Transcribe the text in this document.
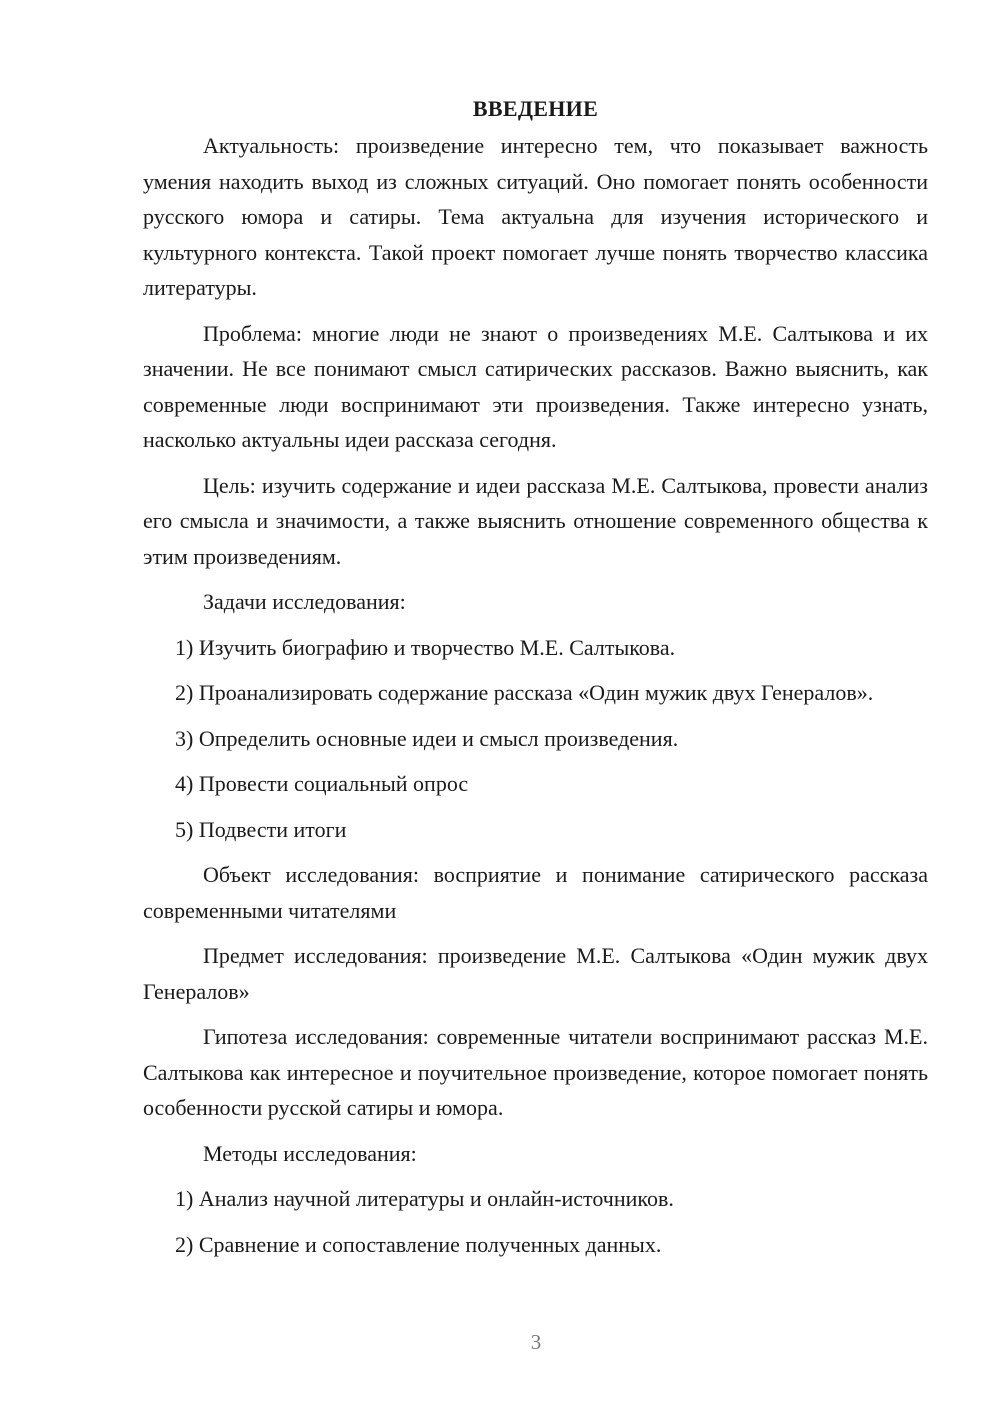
ВВЕДЕНИЕ

Актуальность: произведение интересно тем, что показывает важность умения находить выход из сложных ситуаций. Оно помогает понять особенности русского юмора и сатиры. Тема актуальна для изучения исторического и культурного контекста. Такой проект помогает лучше понять творчество классика литературы.

Проблема: многие люди не знают о произведениях М.Е. Салтыкова и их значении. Не все понимают смысл сатирических рассказов. Важно выяснить, как современные люди воспринимают эти произведения. Также интересно узнать, насколько актуальны идеи рассказа сегодня.

Цель: изучить содержание и идеи рассказа М.Е. Салтыкова, провести анализ его смысла и значимости, а также выяснить отношение современного общества к этим произведениям.

Задачи исследования:

1) Изучить биографию и творчество М.Е. Салтыкова.

2) Проанализировать содержание рассказа «Один мужик двух Генералов».

3) Определить основные идеи и смысл произведения.

4) Провести социальный опрос

5) Подвести итоги

Объект исследования: восприятие и понимание сатирического рассказа современными читателями

Предмет исследования: произведение М.Е. Салтыкова «Один мужик двух Генералов»

Гипотеза исследования: современные читатели воспринимают рассказ М.Е. Салтыкова как интересное и поучительное произведение, которое помогает понять особенности русской сатиры и юмора.

Методы исследования:

1) Анализ научной литературы и онлайн-источников.

2) Сравнение и сопоставление полученных данных.

3
